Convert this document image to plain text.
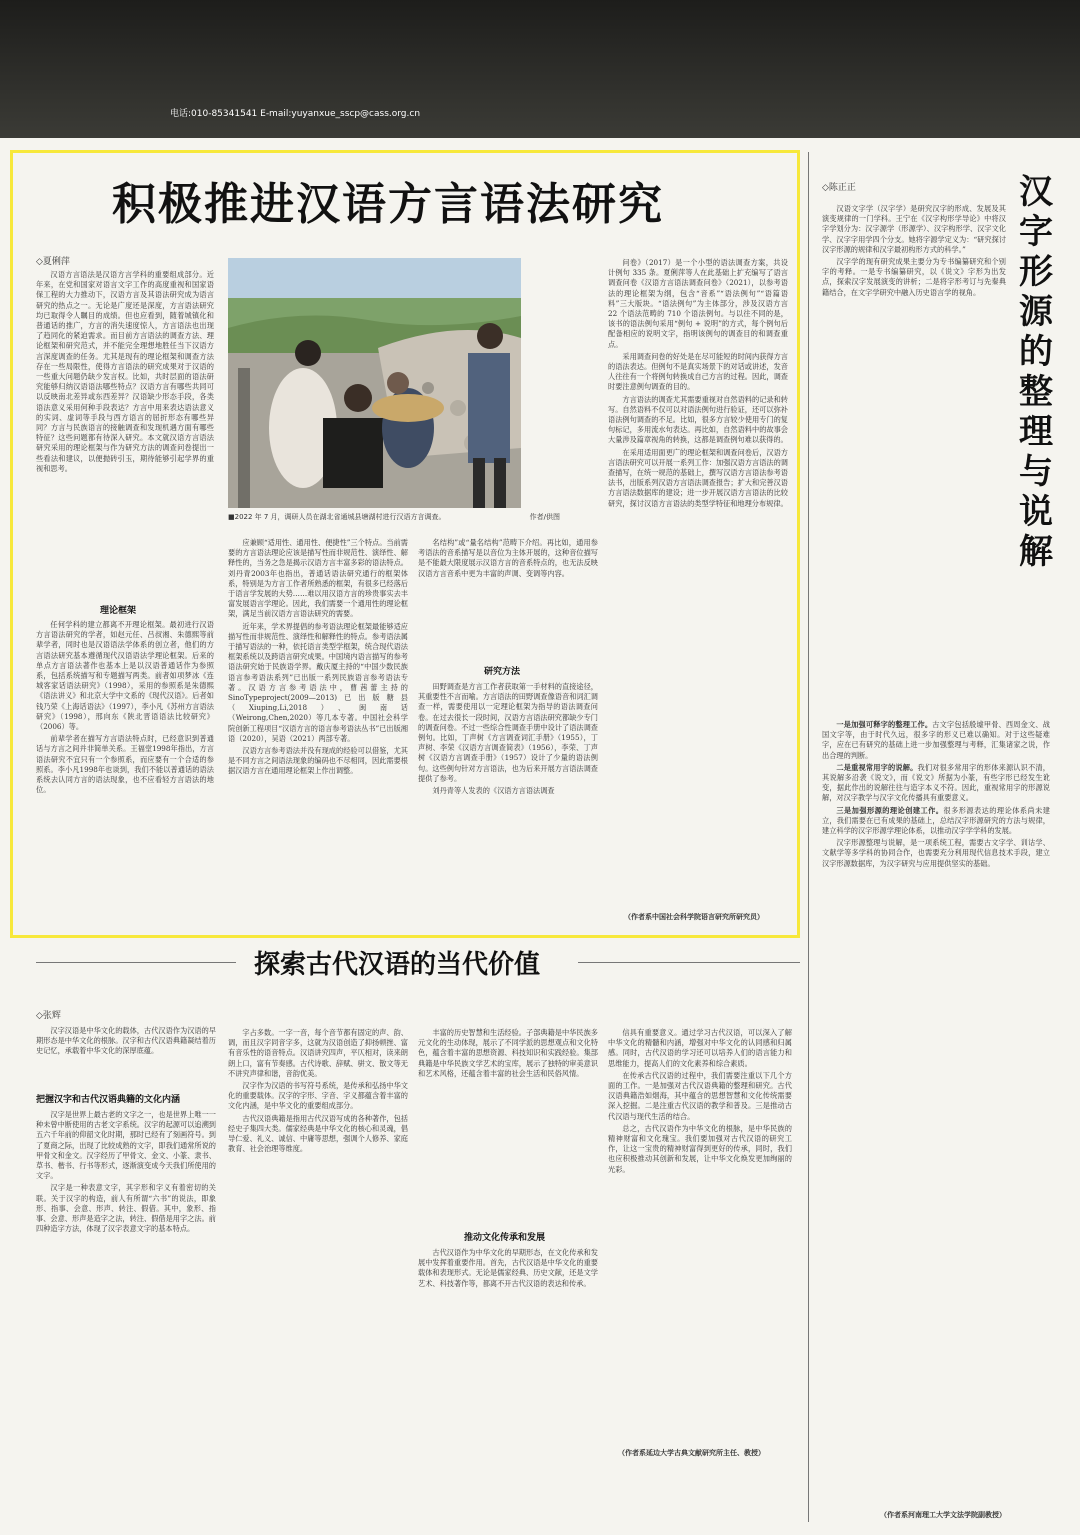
电话:010-85341541 E-mail:yuyanxue_sscp@cass.org.cn
积极推进汉语方言语法研究
◇夏俐萍

汉语方言语法是汉语方言学科的重要组成部分。近年来，在党和国家对语言文字工作的高度重视和国家语保工程的大力推动下，汉语方言及其语法研究成为语言研究的热点之一。无论是广度还是深度，方言语法研究均已取得令人瞩目的成绩。但也应看到，随着城镇化和普通话的推广，方言的消失速度惊人，方言语法也出现了趋同化的紧迫需求。而目前方言语法的调查方法、理论框架和研究范式，并不能完全理想地胜任当下汉语方言深度调查的任务。尤其是现有的理论框架和调查方法存在一些局限性，使得方言语法的研究成果对于汉语的一些重大问题仍缺少发言权。比如，共时层面的语法研究能够归纳汉语语法哪些特点？汉语方言有哪些共同可以反映南北差异或东西差异？汉语缺少形态手段，各类语法意义采用何种手段表达？方言中用来表达语法意义的实词、虚词等手段与西方语言的屈折形态有哪些异同？方言与民族语言的接触调查和发现机遇方面有哪些特征？这些问题都有待深入研究。本文就汉语方言语法研究采用的理论框架与作为研究方法的调查问卷提出一些看法和建议，以便抛砖引玉，期待能够引起学界的重视和思考。

理论框架

任何学科的建立都离不开理论框架。最初进行汉语方言语法研究的学者，如赵元任、吕叔湘、朱德熙等前辈学者，同时也是汉语语法学体系的创立者，他们的方言语法研究基本遵循现代汉语语法学理论框架。后来的单点方言语法著作也基本上是以汉语普通话作为参照系，包括系统描写和专题描写两类。前者如项梦冰《连城客家话语法研究》（1998），采用的参照系是朱德熙《语法讲义》和北京大学中文系的《现代汉语》。后者如钱乃荣《上海话语法》（1997），李小凡《苏州方言语法研究》（1998），邢向东《陕北晋语语法比较研究》（2006）等。

前辈学者在描写方言语法特点时，已经意识到普通话与方言之间并非简单关系。王福堂1998年指出，方言语法研究不宜只有一个参照系，而应要有一个合适的参照系。李小凡1998年也谈到，我们不能以普通话的语法系统去认同方言的语法现象，也不应看轻方言语法的地位。

■2022 年 7 月，调研人员在湖北省通城县塘湖村进行汉语方言调查。	作者/供图

应兼顾“适用性、通用性、便捷性”三个特点。当前需要的方言语法理论应该是描写性而非规范性、演绎性、解释性的，当务之急是揭示汉语方言丰富多彩的语法特点。刘丹青2003年也指出，普通话语法研究通行的框架体系，特别是为方言工作者所熟悉的框架，有很多已经落后于语言学发展的大势……难以用汉语方言的珍贵事实去丰富发展语言学理论。因此，我们需要一个通用性的理论框架，满足当前汉语方言语法研究的需要。

近年来，学术界提倡的参考语法理论框架最能够适应描写性而非规范性、演绎性和解释性的特点。参考语法属于描写语法的一种，依托语言类型学框架，统合现代语法框架系统以及跨语言研究成果。中国境内语言描写的参考语法研究始于民族语学界。戴庆厦主持的“中国少数民族语言参考语法系列”已出版一系列民族语言参考语法专著。汉语方言参考语法中，曹茜蕾主持的 SinoTypeproject(2009—2013)已出版糖县（Xiuping,Li,2018）、闽南话（Weirong,Chen,2020）等几本专著。中国社会科学院创新工程项目“汉语方言的语言参考语法丛书”已出版湘语（2020），吴语（2021）两部专著。

汉语方言参考语法并没有现成的经验可以借鉴，尤其是不同方言之间语法现象的编码也不尽相同，因此需要根据汉语方言在通用理论框架上作出调整。

名结构”或“量名结构”范畴下介绍。再比如，通用参考语法的音系描写是以音位为主体开展的，这种音位描写是不能最大限度展示汉语方言的音系特点的，也无法反映汉语方言音系中更为丰富的声调、变调等内容。

研究方法

田野调查是方言工作者获取第一手材料的直接途径，其重要性不言而喻。方言语法的田野调查像语音和词汇调查一样，需要使用以一定理论框架为指导的语法调查问卷。在过去很长一段时间，汉语方言语法研究都缺少专门的调查问卷。不过一些综合性调查手册中设计了语法调查例句。比如，丁声树《方言调查词汇手册》（1955），丁声树、李荣《汉语方言调查简表》（1956），李荣、丁声树《汉语方言调查手册》（1957）设计了少量的语法例句。这些例句针对方言语法，也为后来开展方言语法调查提供了参考。

刘丹青等人发表的《汉语方言语法调查

问卷》（2017）是一个小型的语法调查方案，共设计例句 335 条。夏俐萍等人在此基础上扩充编写了语言调查问卷《汉语方言语法调查问卷》（2021），以参考语法的理论框架为纲，包含“音系”“语法例句”“语篇语料”三大版块。“语法例句”为主体部分，涉及汉语方言 22 个语法范畴的 710 个语法例句。与以往不同的是，该书的语法例句采用“例句 + 说明”的方式，每个例句后配备相应的说明文字，指明该例句的调查目的和调查重点。

采用调查问卷的好处是在尽可能短的时间内获得方言的语法表达。但例句不是真实场景下的对话或讲述，发音人往往有一个将例句转换成自己方言的过程。因此，调查时要注意例句调查的目的。

方言语法的调查尤其需要重视对自然语料的记录和转写。自然语料不仅可以对语法例句进行验证，还可以弥补语法例句调查的不足。比如，很多方言较少使用专门的复句标记，多用流水句表达。再比如，自然语料中的故事会大量涉及篇章视角的转换，这都是调查例句难以获得的。

在采用适用面更广的理论框架和调查问卷后，汉语方言语法研究可以开展一系列工作：加强汉语方言语法的调查描写，在统一规范的基础上，撰写汉语方言语法参考语法书，出版系列汉语方言语法调查报告；扩大和完善汉语方言语法数据库的建设；进一步开展汉语方言语法的比较研究，探讨汉语方言语法的类型学特征和地理分布规律。

（作者系中国社会科学院语言研究所研究员）
探索古代汉语的当代价值
◇张辉

汉字汉语是中华文化的载体，古代汉语作为汉语的早期形态是中华文化的根脉。汉字和古代汉语典籍凝结着历史记忆，承载着中华文化的深厚底蕴。

把握汉字和古代汉语典籍的文化内涵

汉字是世界上最古老的文字之一，也是世界上唯一一种未曾中断使用的古老文字系统。汉字的起源可以追溯到五六千年前的仰韶文化时期，那时已经有了刻画符号。到了夏商之际，出现了比较成熟的文字，即我们通常所说的甲骨文和金文。汉字经历了甲骨文、金文、小篆、隶书、草书、楷书、行书等形式，逐渐演变成今天我们所使用的文字。

汉字是一种表意文字，其字形和字义有着密切的关联。关于汉字的构造，前人有所谓“六书”的说法，即象形、指事、会意、形声、转注、假借。其中，象形、指事、会意、形声是造字之法，转注、假借是用字之法。前四种造字方法，体现了汉字表意文字的基本特点。

字占多数。一字一音，每个音节都有固定的声、韵、调，而且汉字同音字多，这就为汉语创造了抑扬顿挫、富有音乐性的语音特点。汉语讲究四声，平仄相对，读来朗朗上口，富有节奏感。古代诗歌、辞赋、骈文、散文等无不讲究声律和谐，音韵优美。

汉字作为汉语的书写符号系统，是传承和弘扬中华文化的重要载体。汉字的字形、字音、字义都蕴含着丰富的文化内涵，是中华文化的重要组成部分。

古代汉语典籍是指用古代汉语写成的各种著作，包括经史子集四大类。儒家经典是中华文化的核心和灵魂，倡导仁爱、礼义、诚信、中庸等思想，强调个人修养、家庭教育、社会治理等维度。

丰富的历史智慧和生活经验。子部典籍是中华民族多元文化的生动体现，展示了不同学派的思想观点和文化特色，蕴含着丰富的思想资源、科技知识和实践经验。集部典籍是中华民族文学艺术的宝库，展示了独特的审美意识和艺术风格，还蕴含着丰富的社会生活和民俗风情。

推动文化传承和发展

古代汉语作为中华文化的早期形态，在文化传承和发展中发挥着重要作用。首先，古代汉语是中华文化的重要载体和表现形式。无论是儒家经典、历史文献，还是文学艺术、科技著作等，都离不开古代汉语的表达和传承。

信具有重要意义。通过学习古代汉语，可以深入了解中华文化的精髓和内涵，增强对中华文化的认同感和归属感。同时，古代汉语的学习还可以培养人们的语言能力和思维能力，提高人们的文化素养和综合素质。

在传承古代汉语的过程中，我们需要注重以下几个方面的工作。一是加强对古代汉语典籍的整理和研究。古代汉语典籍浩如烟海，其中蕴含的思想智慧和文化传统需要深入挖掘。二是注重古代汉语的教学和普及。三是推动古代汉语与现代生活的结合。

总之，古代汉语作为中华文化的根脉，是中华民族的精神财富和文化瑰宝。我们要加强对古代汉语的研究工作，让这一宝贵的精神财富得到更好的传承，同时，我们也应积极推动其创新和发展，让中华文化焕发更加绚丽的光彩。

（作者系延边大学古典文献研究所主任、教授）
◇陈正正	汉
字
形
源
的
整
理
与
说
解

汉语文字学（汉字学）是研究汉字的形成、发展及其演变规律的一门学科。王宁在《汉字构形学导论》中将汉字学划分为：汉字源学（形源学）、汉字构形学、汉字文化学、汉字字用学四个分支。她将字源学定义为：“研究探讨汉字形源的规律和汉字最初构形方式的科学。”

汉字学的现有研究成果主要分为专书编纂研究和个别字的考释。一是专书编纂研究，以《说文》字形为出发点，探索汉字发展演变的讲析；二是将字形考订与先秦典籍结合，在文字学研究中融入历史语言学的视角。

一是加强可释字的整理工作。古文字包括殷墟甲骨、西周金文、战国文字等，由于时代久远，很多字的形义已难以确知。对于这些疑难字，应在已有研究的基础上进一步加强整理与考释，汇集诸家之说，作出合理的判断。

二是重视常用字的说解。我们对很多常用字的形体来源认识不清，其说解多沿袭《说文》，而《说文》所据为小篆，有些字形已经发生讹变，据此作出的说解往往与造字本义不符。因此，重视常用字的形源说解，对汉字教学与汉字文化传播具有重要意义。

三是加强形源的理论创建工作。很多形源表达的理论体系尚未建立，我们需要在已有成果的基础上，总结汉字形源研究的方法与规律，建立科学的汉字形源学理论体系，以推动汉字学学科的发展。

汉字形源整理与说解，是一项系统工程，需要古文字学、训诂学、文献学等多学科的协同合作，也需要充分利用现代信息技术手段，建立汉字形源数据库，为汉字研究与应用提供坚实的基础。

（作者系河南理工大学文法学院副教授）
